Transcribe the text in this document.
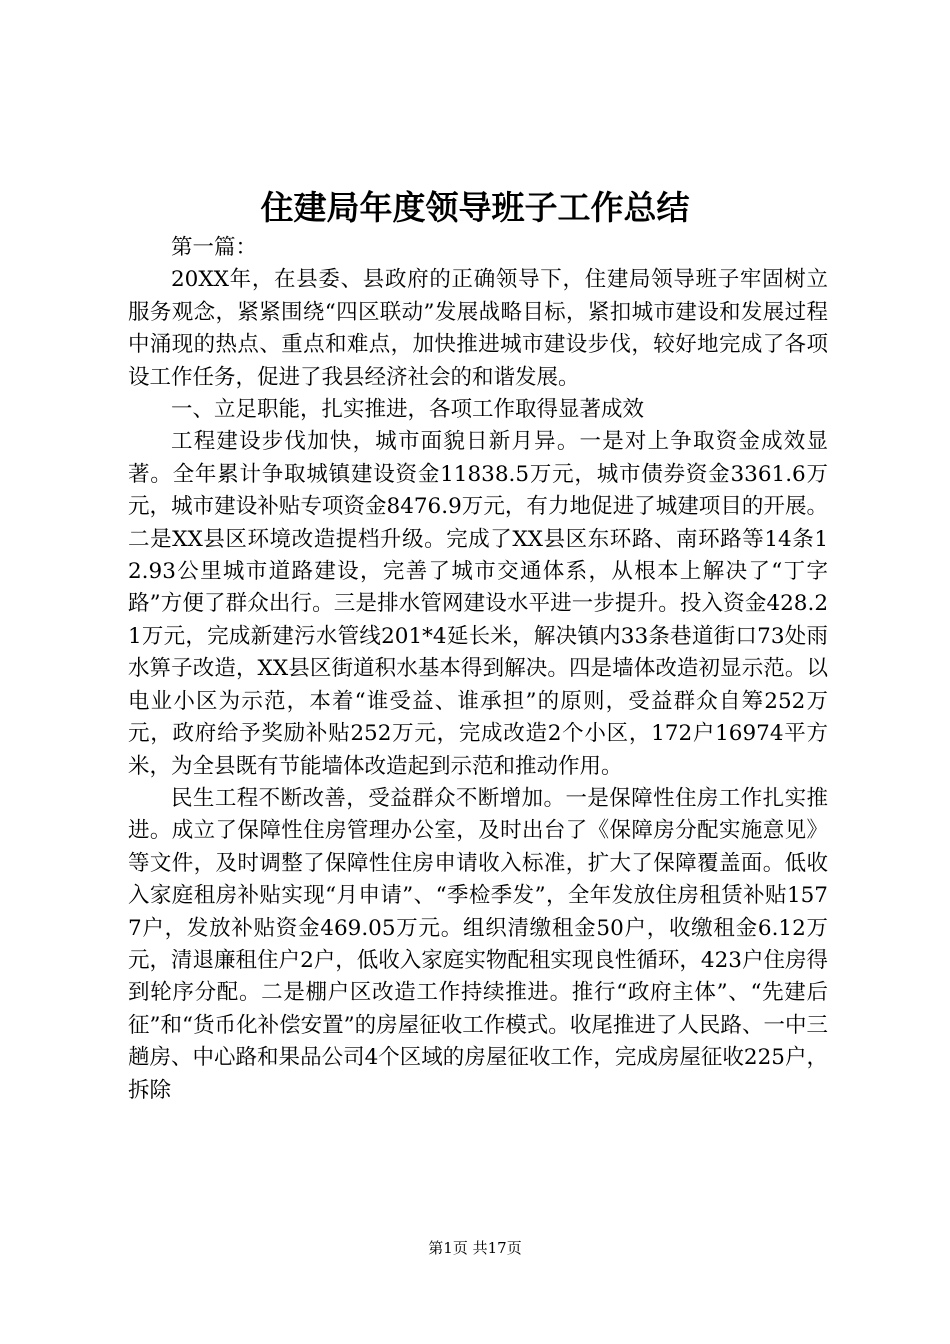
住建局年度领导班子工作总结

第一篇：

20XX年，在县委、县政府的正确领导下，住建局领导班子牢固树立服务观念，紧紧围绕“四区联动”发展战略目标，紧扣城市建设和发展过程中涌现的热点、重点和难点，加快推进城市建设步伐，较好地完成了各项设工作任务，促进了我县经济社会的和谐发展。

一、立足职能，扎实推进，各项工作取得显著成效

工程建设步伐加快，城市面貌日新月异。一是对上争取资金成效显著。全年累计争取城镇建设资金11838.5万元，城市债券资金3361.6万元，城市建设补贴专项资金8476.9万元，有力地促进了城建项目的开展。二是XX县区环境改造提档升级。完成了XX县区东环路、南环路等14条12.93公里城市道路建设，完善了城市交通体系，从根本上解决了“丁字路”方便了群众出行。三是排水管网建设水平进一步提升。投入资金428.21万元，完成新建污水管线201*4延长米，解决镇内33条巷道街口73处雨水箅子改造，XX县区街道积水基本得到解决。四是墙体改造初显示范。以电业小区为示范，本着“谁受益、谁承担”的原则，受益群众自筹252万元，政府给予奖励补贴252万元，完成改造2个小区，172户16974平方米，为全县既有节能墙体改造起到示范和推动作用。

民生工程不断改善，受益群众不断增加。一是保障性住房工作扎实推进。成立了保障性住房管理办公室，及时出台了《保障房分配实施意见》等文件，及时调整了保障性住房申请收入标准，扩大了保障覆盖面。低收入家庭租房补贴实现“月申请”、“季检季发”，全年发放住房租赁补贴1577户，发放补贴资金469.05万元。组织清缴租金50户，收缴租金6.12万元，清退廉租住户2户，低收入家庭实物配租实现良性循环，423户住房得到轮序分配。二是棚户区改造工作持续推进。推行“政府主体”、“先建后征”和“货币化补偿安置”的房屋征收工作模式。收尾推进了人民路、一中三趟房、中心路和果品公司4个区域的房屋征收工作，完成房屋征收225户，拆除

第1页 共17页
